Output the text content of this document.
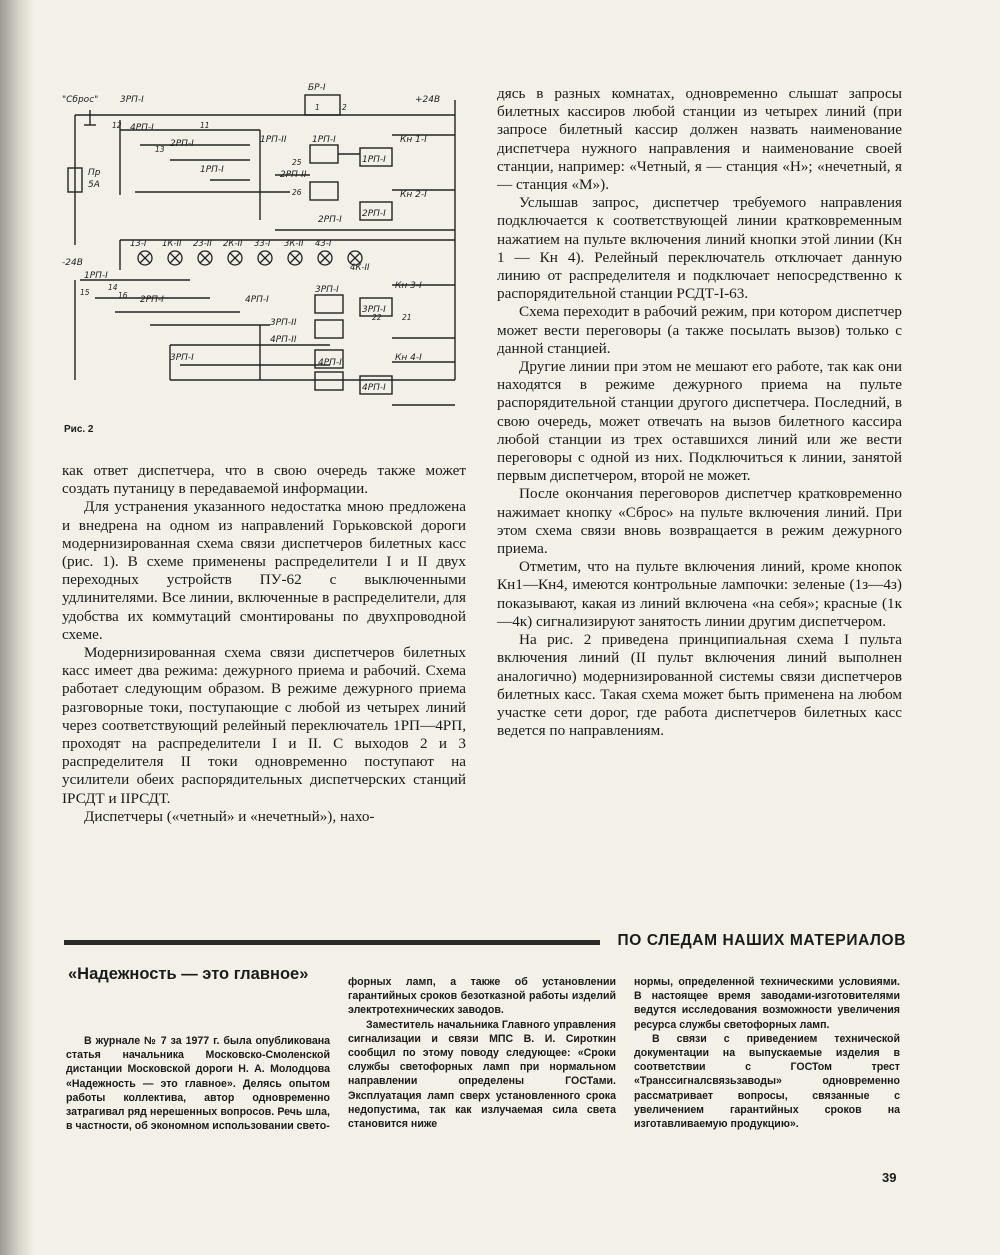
"Сброс" 3РП-I
4РП-I
2РП-I
1РП-I
1РП-II	1РП-I
БР-I
+24В
-24В
Пр
5А
Кн 1-I
Кн 2-I
Кн 3-I
Кн 4-I
2РП-II
2РП-I
1РП-I
2РП-I
1РП-I
2РП-I	4РП-I
3РП-I
3РП-II
3РП-I
3РП-I
4РП-II
4РП-I
4РП-I
13-I 1К-II 23-II 2К-II 33-I 3К-II 43-I
4К-II
1	2
11
12
13
14
15	16
21
22
25
26
Рис. 2

как ответ диспетчера, что в свою очередь также может создать путаницу в передаваемой информации.

Для устранения указанного недостатка мною предложена и внедрена на одном из направлений Горьковской дороги модернизированная схема связи диспетчеров билетных касс (рис. 1). В схеме применены распределители I и II двух переходных устройств ПУ-62 с выключенными удлинителями. Все линии, включенные в распределители, для удобства их коммутаций смонтированы по двухпроводной схеме.

Модернизированная схема связи диспетчеров билетных касс имеет два режима: дежурного приема и рабочий. Схема работает следующим образом. В режиме дежурного приема разговорные токи, поступающие с любой из четырех линий через соответствующий релейный переключатель 1РП—4РП, проходят на распределители I и II. С выходов 2 и 3 распределителя II токи одновременно поступают на усилители обеих распорядительных диспетчерских станций IРСДТ и IIРСДТ.

Диспетчеры («четный» и «нечетный»), нахо-

дясь в разных комнатах, одновременно слышат запросы билетных кассиров любой станции из четырех линий (при запросе билетный кассир должен назвать наименование диспетчера нужного направления и наименование своей станции, например: «Четный, я — станция «Н»; «нечетный, я — станция «М»).

Услышав запрос, диспетчер требуемого направления подключается к соответствующей линии кратковременным нажатием на пульте включения линий кнопки этой линии (Кн 1 — Кн 4). Релейный переключатель отключает данную линию от распределителя и подключает непосредственно к распорядительной станции РСДТ-I-63.

Схема переходит в рабочий режим, при котором диспетчер может вести переговоры (а также посылать вызов) только с данной станцией.

Другие линии при этом не мешают его работе, так как они находятся в режиме дежурного приема на пульте распорядительной станции другого диспетчера. Последний, в свою очередь, может отвечать на вызов билетного кассира любой станции из трех оставшихся линий или же вести переговоры с одной из них. Подключиться к линии, занятой первым диспетчером, второй не может.

После окончания переговоров диспетчер кратковременно нажимает кнопку «Сброс» на пульте включения линий. При этом схема связи вновь возвращается в режим дежурного приема.

Отметим, что на пульте включения линий, кроме кнопок Кн1—Кн4, имеются контрольные лампочки: зеленые (1з—4з) показывают, какая из линий включена «на себя»; красные (1к—4к) сигнализируют занятость линии другим диспетчером.

На рис. 2 приведена принципиальная схема I пульта включения линий (II пульт включения линий выполнен аналогично) модернизированной системы связи диспетчеров билетных касс. Такая схема может быть применена на любом участке сети дорог, где работа диспетчеров билетных касс ведется по направлениям.

ПО СЛЕДАМ НАШИХ МАТЕРИАЛОВ
«Надежность — это главное»

В журнале № 7 за 1977 г. была опубликована статья начальника Московско-Смоленской дистанции Московской дороги Н. А. Молодцова «Надежность — это главное». Делясь опытом работы коллектива, автор одновременно затрагивал ряд нерешенных вопросов. Речь шла, в частности, об экономном использовании свето-

форных ламп, а также об установлении гарантийных сроков безотказной работы изделий электротехнических заводов.

Заместитель начальника Главного управления сигнализации и связи МПС В. И. Сироткин сообщил по этому поводу следующее: «Сроки службы светофорных ламп при нормальном направлении определены ГОСТами. Эксплуатация ламп сверх установленного срока недопустима, так как излучаемая сила света становится ниже

нормы, определенной техническими условиями. В настоящее время заводами-изготовителями ведутся исследования возможности увеличения ресурса службы светофорных ламп.

В связи с приведением технической документации на выпускаемые изделия в соответствии с ГОСТом трест «Транссигналсвязьзаводы» одновременно рассматривает вопросы, связанные с увеличением гарантийных сроков на изготавливаемую продукцию».

39
